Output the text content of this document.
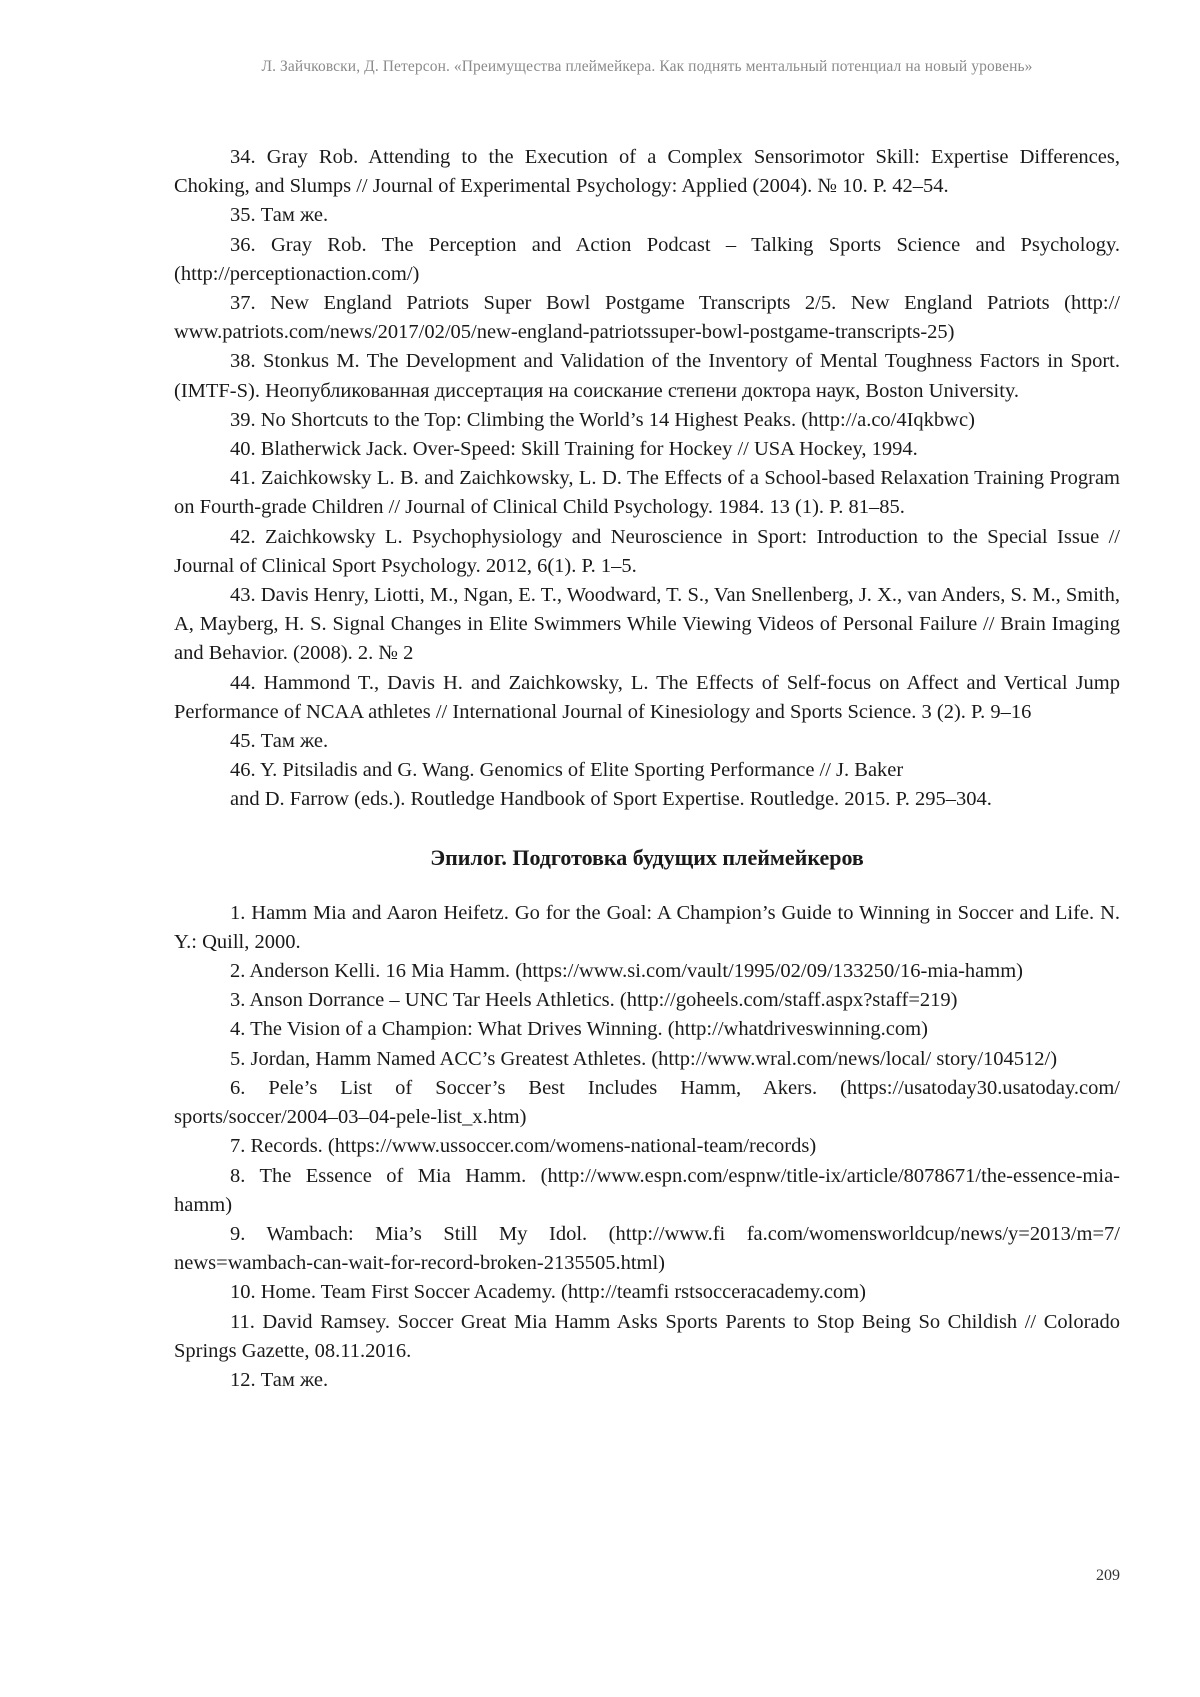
Л. Зайчковски, Д. Петерсон. «Преимущества плеймейкера. Как поднять ментальный потенциал на новый уровень»

34. Gray Rob. Attending to the Execution of a Complex Sensorimotor Skill: Expertise Differences, Choking, and Slumps // Journal of Experimental Psychology: Applied (2004). № 10. P. 42–54.

35. Там же.

36. Gray Rob. The Perception and Action Podcast – Talking Sports Science and Psychology. (http://perceptionaction.com/)

37. New England Patriots Super Bowl Postgame Transcripts 2/5. New England Patriots (http:// www.patriots.com/news/2017/02/05/new-england-patriotssuper-bowl-postgame-transcripts-25)

38. Stonkus M. The Development and Validation of the Inventory of Mental Toughness Factors in Sport. (IMTF-S). Неопубликованная диссертация на соискание степени доктора наук, Boston University.

39. No Shortcuts to the Top: Climbing the World’s 14 Highest Peaks. (http://a.co/4Iqkbwc)

40. Blatherwick Jack. Over-Speed: Skill Training for Hockey // USA Hockey, 1994.

41. Zaichkowsky L. B. and Zaichkowsky, L. D. The Effects of a School-based Relaxation Training Program on Fourth-grade Children // Journal of Clinical Child Psychology. 1984. 13 (1). P. 81–85.

42. Zaichkowsky L. Psychophysiology and Neuroscience in Sport: Introduction to the Special Issue // Journal of Clinical Sport Psychology. 2012, 6(1). P. 1–5.

43. Davis Henry, Liotti, M., Ngan, E. T., Woodward, T. S., Van Snellenberg, J. X., van Anders, S. M., Smith, A, Mayberg, H. S. Signal Changes in Elite Swimmers While Viewing Videos of Personal Failure // Brain Imaging and Behavior. (2008). 2. № 2

44. Hammond T., Davis H. and Zaichkowsky, L. The Effects of Self-focus on Affect and Vertical Jump Performance of NCAA athletes // International Journal of Kinesiology and Sports Science. 3 (2). P. 9–16

45. Там же.

46. Y. Pitsiladis and G. Wang. Genomics of Elite Sporting Performance // J. Baker

and D. Farrow (eds.). Routledge Handbook of Sport Expertise. Routledge. 2015. P. 295–304.

Эпилог. Подготовка будущих плеймейкеров

1. Hamm Mia and Aaron Heifetz. Go for the Goal: A Champion’s Guide to Winning in Soccer and Life. N. Y.: Quill, 2000.

2. Anderson Kelli. 16 Mia Hamm. (https://www.si.com/vault/1995/02/09/133250/16-mia-hamm)

3. Anson Dorrance – UNC Tar Heels Athletics. (http://goheels.com/staff.aspx?staff=219)

4. The Vision of a Champion: What Drives Winning. (http://whatdriveswinning.com)

5. Jordan, Hamm Named ACC’s Greatest Athletes. (http://www.wral.com/news/local/ story/104512/)

6. Pele’s List of Soccer’s Best Includes Hamm, Akers. (https://usatoday30.usatoday.com/ sports/soccer/2004–03–04-pele-list_x.htm)

7. Records. (https://www.ussoccer.com/womens-national-team/records)

8. The Essence of Mia Hamm. (http://www.espn.com/espnw/title-ix/article/8078671/the-essence-mia-hamm)

9. Wambach: Mia’s Still My Idol. (http://www.fi fa.com/womensworldcup/news/y=2013/m=7/ news=wambach-can-wait-for-record-broken-2135505.html)

10. Home. Team First Soccer Academy. (http://teamfi rstsocceracademy.com)

11. David Ramsey. Soccer Great Mia Hamm Asks Sports Parents to Stop Being So Childish // Colorado Springs Gazette, 08.11.2016.

12. Там же.

209
